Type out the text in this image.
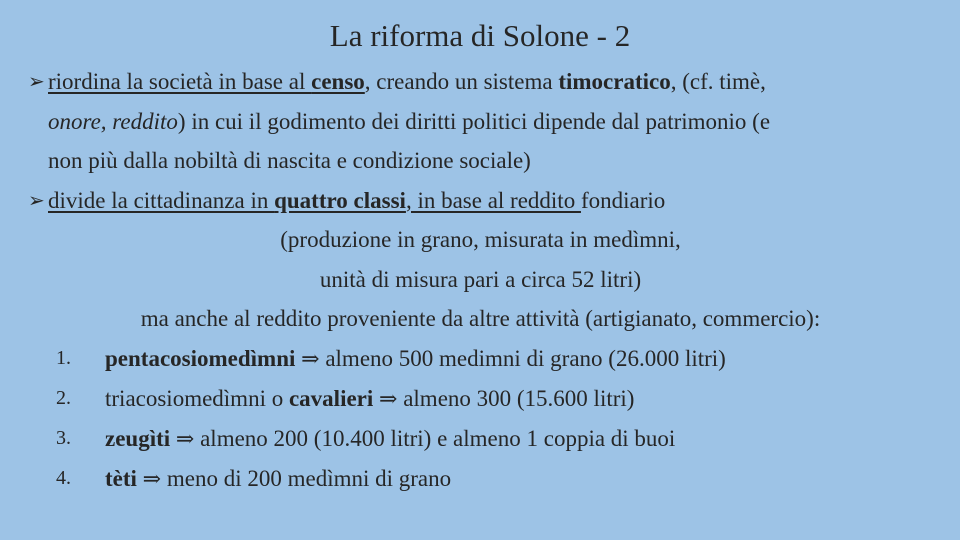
La riforma di Solone - 2
➢ riordina la società in base al censo, creando un sistema timocratico, (cf. timè,
onore, reddito) in cui il godimento dei diritti politici dipende dal patrimonio (e
non più dalla nobiltà di nascita e condizione sociale)
➢ divide la cittadinanza in quattro classi, in base al reddito fondiario
(produzione in grano, misurata in medìmni,
unità di misura pari a circa 52 litri)
ma anche al reddito proveniente da altre attività (artigianato, commercio):
1. pentacosiomedìmni ⇒ almeno 500 medimni di grano (26.000 litri)
2. triacosiomedìmni o cavalieri ⇒ almeno 300 (15.600 litri)
3. zeugìti ⇒ almeno 200 (10.400 litri) e almeno 1 coppia di buoi
4. tèti ⇒ meno di 200 medìmni di grano
